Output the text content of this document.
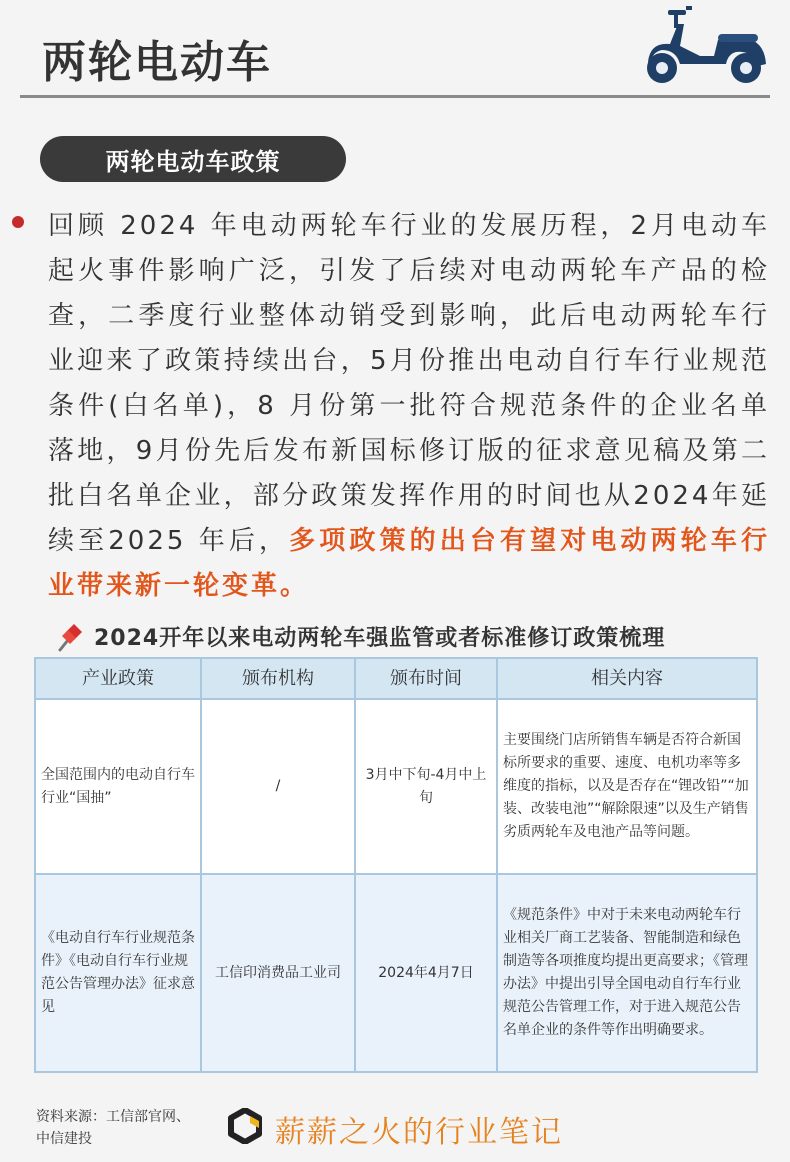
两轮电动车
两轮电动车政策

回顾 2024 年电动两轮车行业的发展历程，2月电动车起火事件影响广泛，引发了后续对电动两轮车产品的检查，二季度行业整体动销受到影响，此后电动两轮车行业迎来了政策持续出台，5月份推出电动自行车行业规范条件(白名单)，8 月份第一批符合规范条件的企业名单落地，9月份先后发布新国标修订版的征求意见稿及第二批白名单企业，部分政策发挥作用的时间也从2024年延续至2025 年后，多项政策的出台有望对电动两轮车行业带来新一轮变革。

2024开年以来电动两轮车强监管或者标准修订政策梳理
产业政策	颁布机构	颁布时间	相关内容
全国范围内的电动自行车行业“国抽”	/	3月中下旬-4月中上旬	主要围绕门店所销售车辆是否符合新国标所要求的重要、速度、电机功率等多维度的指标，以及是否存在“锂改铅”“加装、改装电池”“解除限速”以及生产销售劣质两轮车及电池产品等问题。
《电动自行车行业规范条件》《电动自行车行业规范公告管理办法》征求意见	工信印消费品工业司	2024年4月7日	《规范条件》中对于未来电动两轮车行业相关厂商工艺装备、智能制造和绿色制造等各项推度均提出更高要求；《管理办法》中提出引导全国电动自行车行业规范公告管理工作，对于进入规范公告名单企业的条件等作出明确要求。
资料来源：工信部官网、
中信建投	薪薪之火的行业笔记
